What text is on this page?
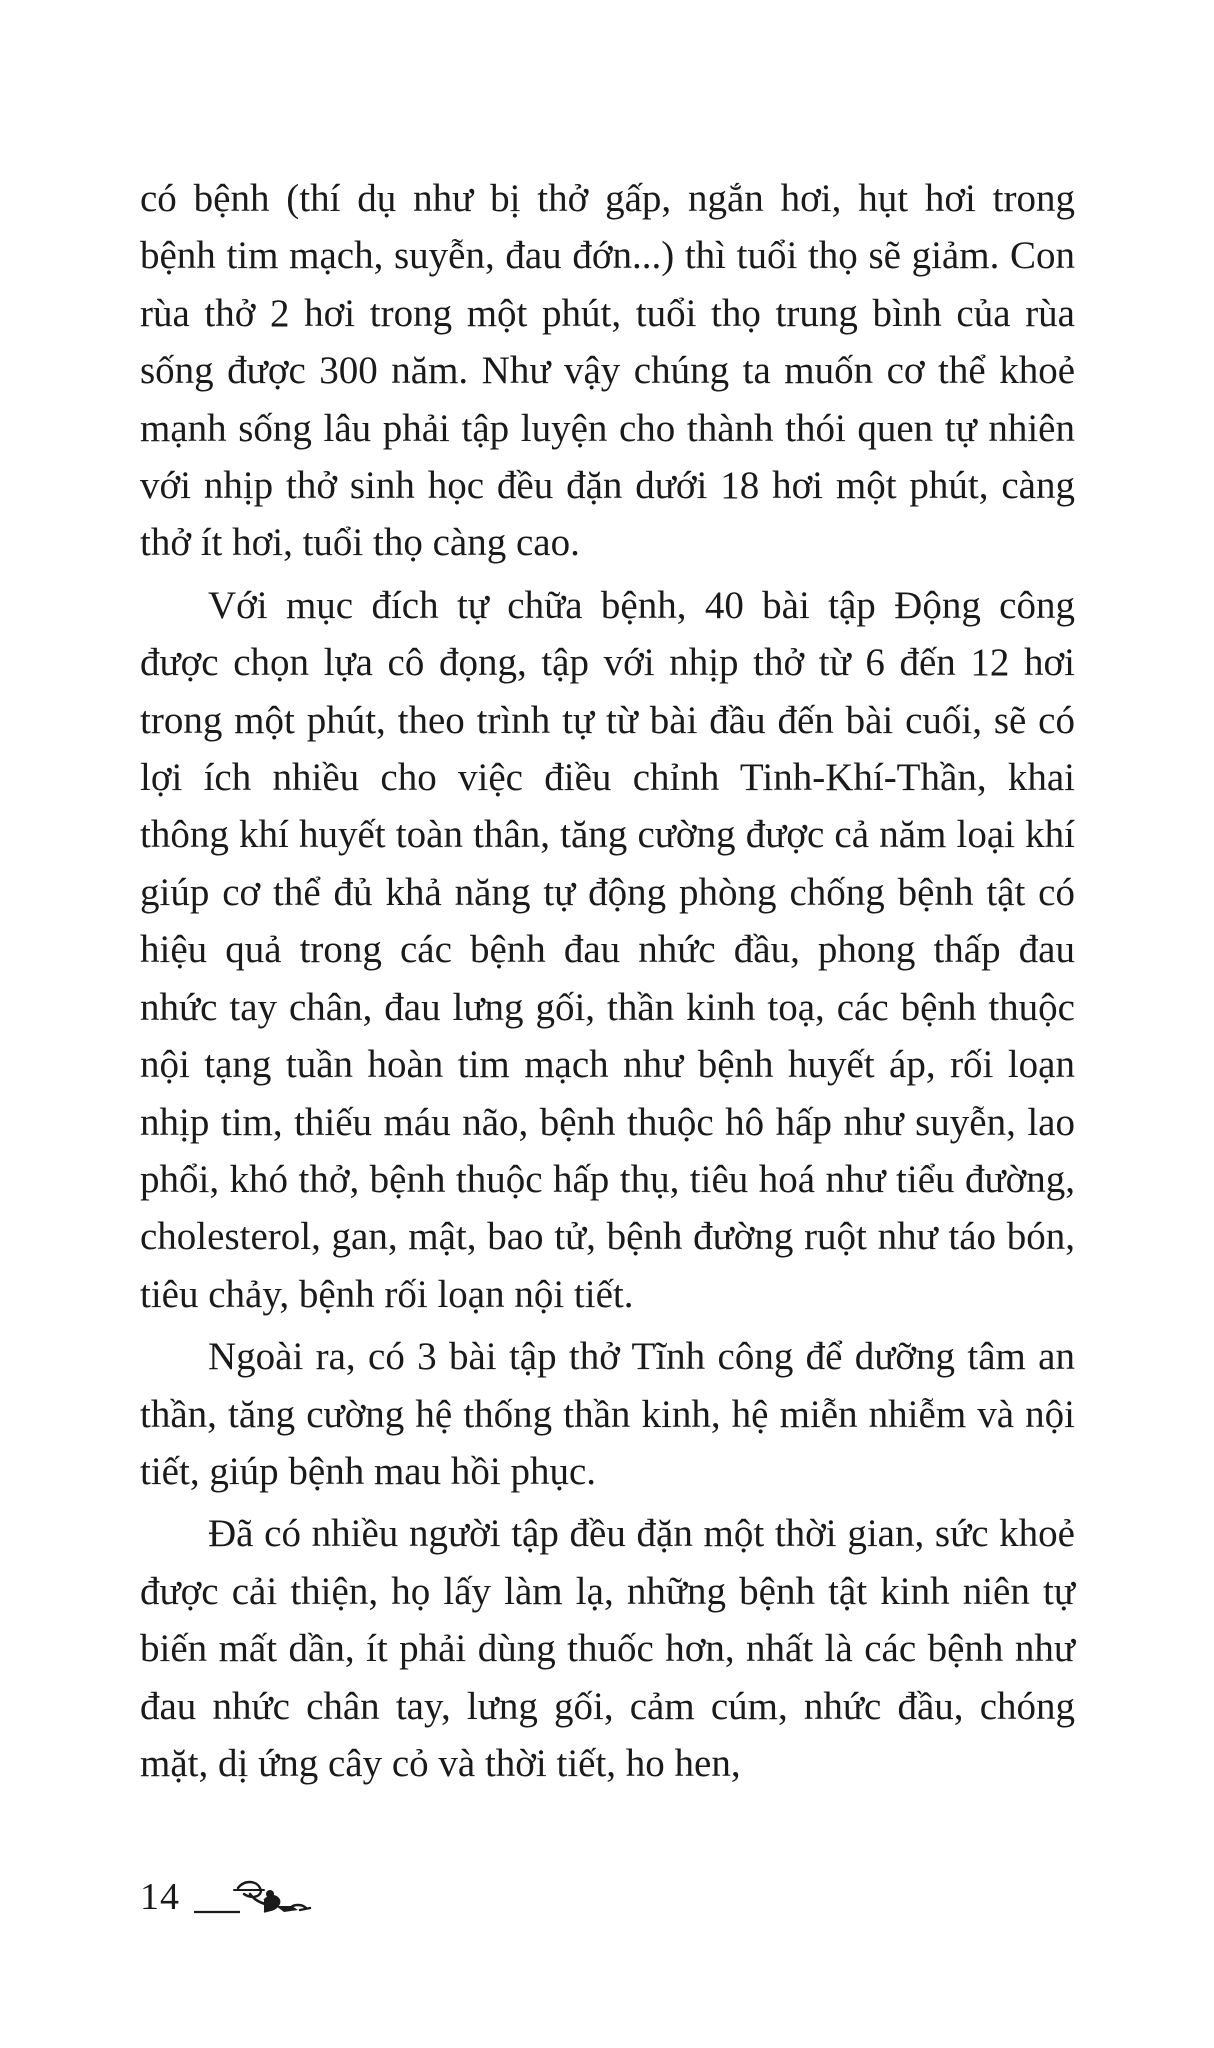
có bệnh (thí dụ như bị thở gấp, ngắn hơi, hụt hơi trong bệnh tim mạch, suyễn, đau đớn...) thì tuổi thọ sẽ giảm. Con rùa thở 2 hơi trong một phút, tuổi thọ trung bình của rùa sống được 300 năm. Như vậy chúng ta muốn cơ thể khoẻ mạnh sống lâu phải tập luyện cho thành thói quen tự nhiên với nhịp thở sinh học đều đặn dưới 18 hơi một phút, càng thở ít hơi, tuổi thọ càng cao.

Với mục đích tự chữa bệnh, 40 bài tập Động công được chọn lựa cô đọng, tập với nhịp thở từ 6 đến 12 hơi trong một phút, theo trình tự từ bài đầu đến bài cuối, sẽ có lợi ích nhiều cho việc điều chỉnh Tinh-Khí-Thần, khai thông khí huyết toàn thân, tăng cường được cả năm loại khí giúp cơ thể đủ khả năng tự động phòng chống bệnh tật có hiệu quả trong các bệnh đau nhức đầu, phong thấp đau nhức tay chân, đau lưng gối, thần kinh toạ, các bệnh thuộc nội tạng tuần hoàn tim mạch như bệnh huyết áp, rối loạn nhịp tim, thiếu máu não, bệnh thuộc hô hấp như suyễn, lao phổi, khó thở, bệnh thuộc hấp thụ, tiêu hoá như tiểu đường, cholesterol, gan, mật, bao tử, bệnh đường ruột như táo bón, tiêu chảy, bệnh rối loạn nội tiết.

Ngoài ra, có 3 bài tập thở Tĩnh công để dưỡng tâm an thần, tăng cường hệ thống thần kinh, hệ miễn nhiễm và nội tiết, giúp bệnh mau hồi phục.

Đã có nhiều người tập đều đặn một thời gian, sức khoẻ được cải thiện, họ lấy làm lạ, những bệnh tật kinh niên tự biến mất dần, ít phải dùng thuốc hơn, nhất là các bệnh như đau nhức chân tay, lưng gối, cảm cúm, nhức đầu, chóng mặt, dị ứng cây cỏ và thời tiết, ho hen,

14
